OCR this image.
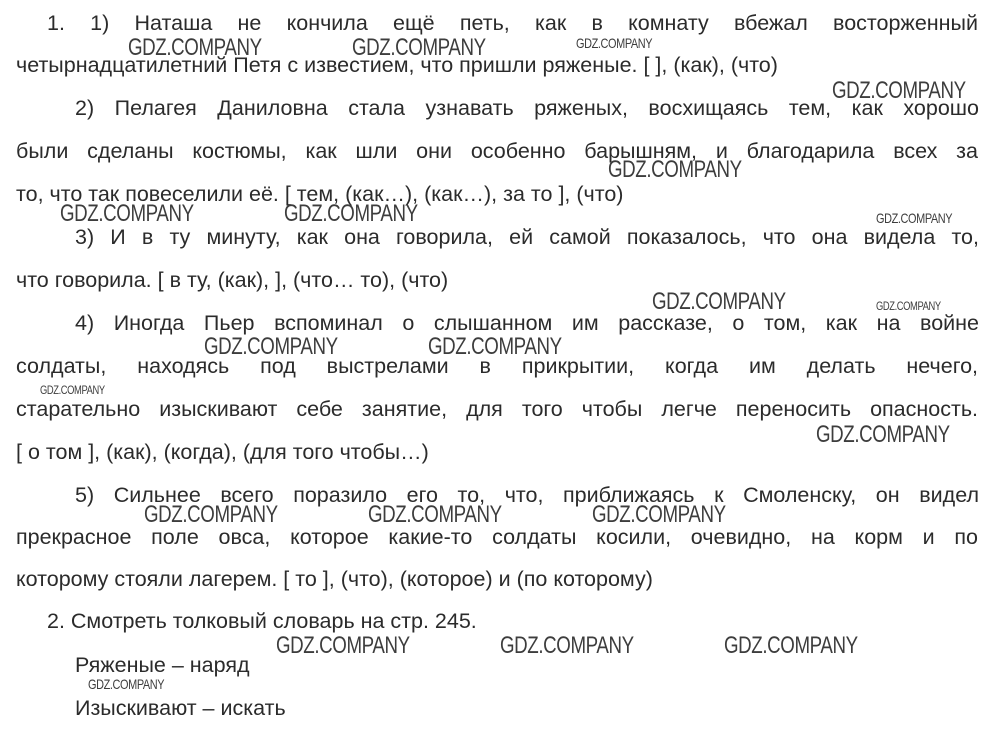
1. 1) Наташа не кончила ещё петь, как в комнату вбежал восторженный
четырнадцатилетний Петя с известием, что пришли ряженые. [ ], (как), (что)
2) Пелагея Даниловна стала узнавать ряженых, восхищаясь тем, как хорошо
были сделаны костюмы, как шли они особенно барышням, и благодарила всех за
то, что так повеселили её. [ тем, (как…), (как…), за то ], (что)
3) И в ту минуту, как она говорила, ей самой показалось, что она видела то,
что говорила. [ в ту, (как), ], (что… то), (что)
4) Иногда Пьер вспоминал о слышанном им рассказе, о том, как на войне
солдаты, находясь под выстрелами в прикрытии, когда им делать нечего,
старательно изыскивают себе занятие, для того чтобы легче переносить опасность.
[ о том ], (как), (когда), (для того чтобы…)
5) Сильнее всего поразило его то, что, приближаясь к Смоленску, он видел
прекрасное поле овса, которое какие-то солдаты косили, очевидно, на корм и по
которому стояли лагерем. [ то ], (что), (которое) и (по которому)
2. Смотреть толковый словарь на стр. 245.
Ряженые – наряд
Изыскивают – искать
GDZ.COMPANY	GDZ.COMPANY	GDZ.COMPANY
GDZ.COMPANY
GDZ.COMPANY
GDZ.COMPANY	GDZ.COMPANY	GDZ.COMPANY
GDZ.COMPANY	GDZ.COMPANY
GDZ.COMPANY	GDZ.COMPANY
GDZ.COMPANY
GDZ.COMPANY
GDZ.COMPANY	GDZ.COMPANY	GDZ.COMPANY
GDZ.COMPANY	GDZ.COMPANY	GDZ.COMPANY
GDZ.COMPANY
